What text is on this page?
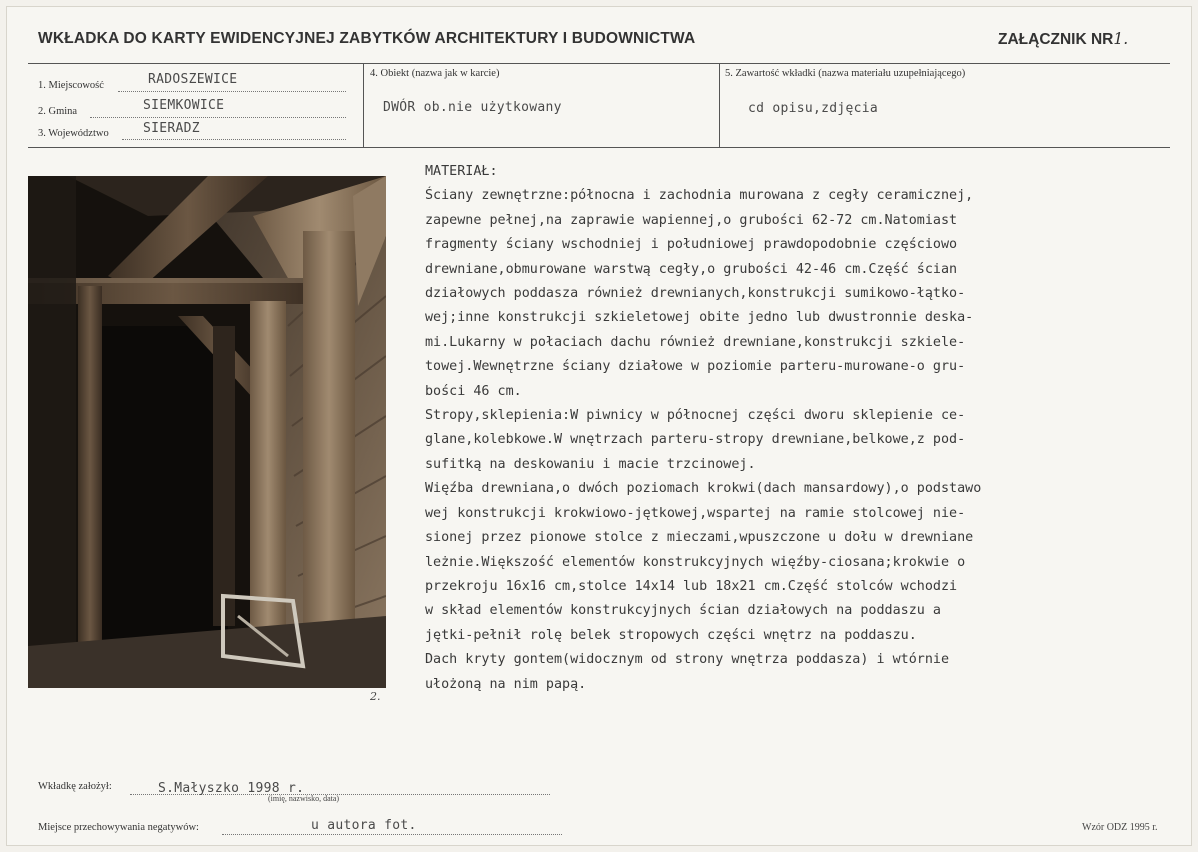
WKŁADKA DO KARTY EWIDENCYJNEJ ZABYTKÓW ARCHITEKTURY I BUDOWNICTWA	ZAŁĄCZNIK NR1.
1. Miejscowość	RADOSZEWICE
2. Gmina	SIEMKOWICE
3. Województwo	SIERADZ
4. Obiekt (nazwa jak w karcie)
DWÓR ob.nie użytkowany
5. Zawartość wkładki (nazwa materiału uzupełniającego)
cd opisu,zdjęcia
2.
MATERIAŁ:
Ściany zewnętrzne:północna i zachodnia murowana z cegły ceramicznej,
zapewne pełnej,na zaprawie wapiennej,o grubości 62-72 cm.Natomiast
fragmenty ściany wschodniej i południowej prawdopodobnie częściowo
drewniane,obmurowane warstwą cegły,o grubości 42-46 cm.Część ścian
działowych poddasza również drewnianych,konstrukcji sumikowo-łątko-
wej;inne konstrukcji szkieletowej obite jedno lub dwustronnie deska-
mi.Lukarny w połaciach dachu również drewniane,konstrukcji szkiele-
towej.Wewnętrzne ściany działowe w poziomie parteru-murowane-o gru-
bości 46 cm.
Stropy,sklepienia:W piwnicy w północnej części dworu sklepienie ce-
glane,kolebkowe.W wnętrzach parteru-stropy drewniane,belkowe,z pod-
sufitką na deskowaniu i macie trzcinowej.
Więźba drewniana,o dwóch poziomach krokwi(dach mansardowy),o podstawo
wej konstrukcji krokwiowo-jętkowej,wspartej na ramie stolcowej nie-
sionej przez pionowe stolce z mieczami,wpuszczone u dołu w drewniane
leżnie.Większość elementów konstrukcyjnych więźby-ciosana;krokwie o
przekroju 16x16 cm,stolce 14x14 lub 18x21 cm.Część stolców wchodzi
w skład elementów konstrukcyjnych ścian działowych na poddaszu a
jętki-pełnił rolę belek stropowych części wnętrz na poddaszu.
Dach kryty gontem(widocznym od strony wnętrza poddasza) i wtórnie
ułożoną na nim papą.
Wkładkę założył:	S.Małyszko 1998 r.
(imię, nazwisko, data)
Miejsce przechowywania negatywów:	u autora fot.	Wzór ODZ 1995 r.
